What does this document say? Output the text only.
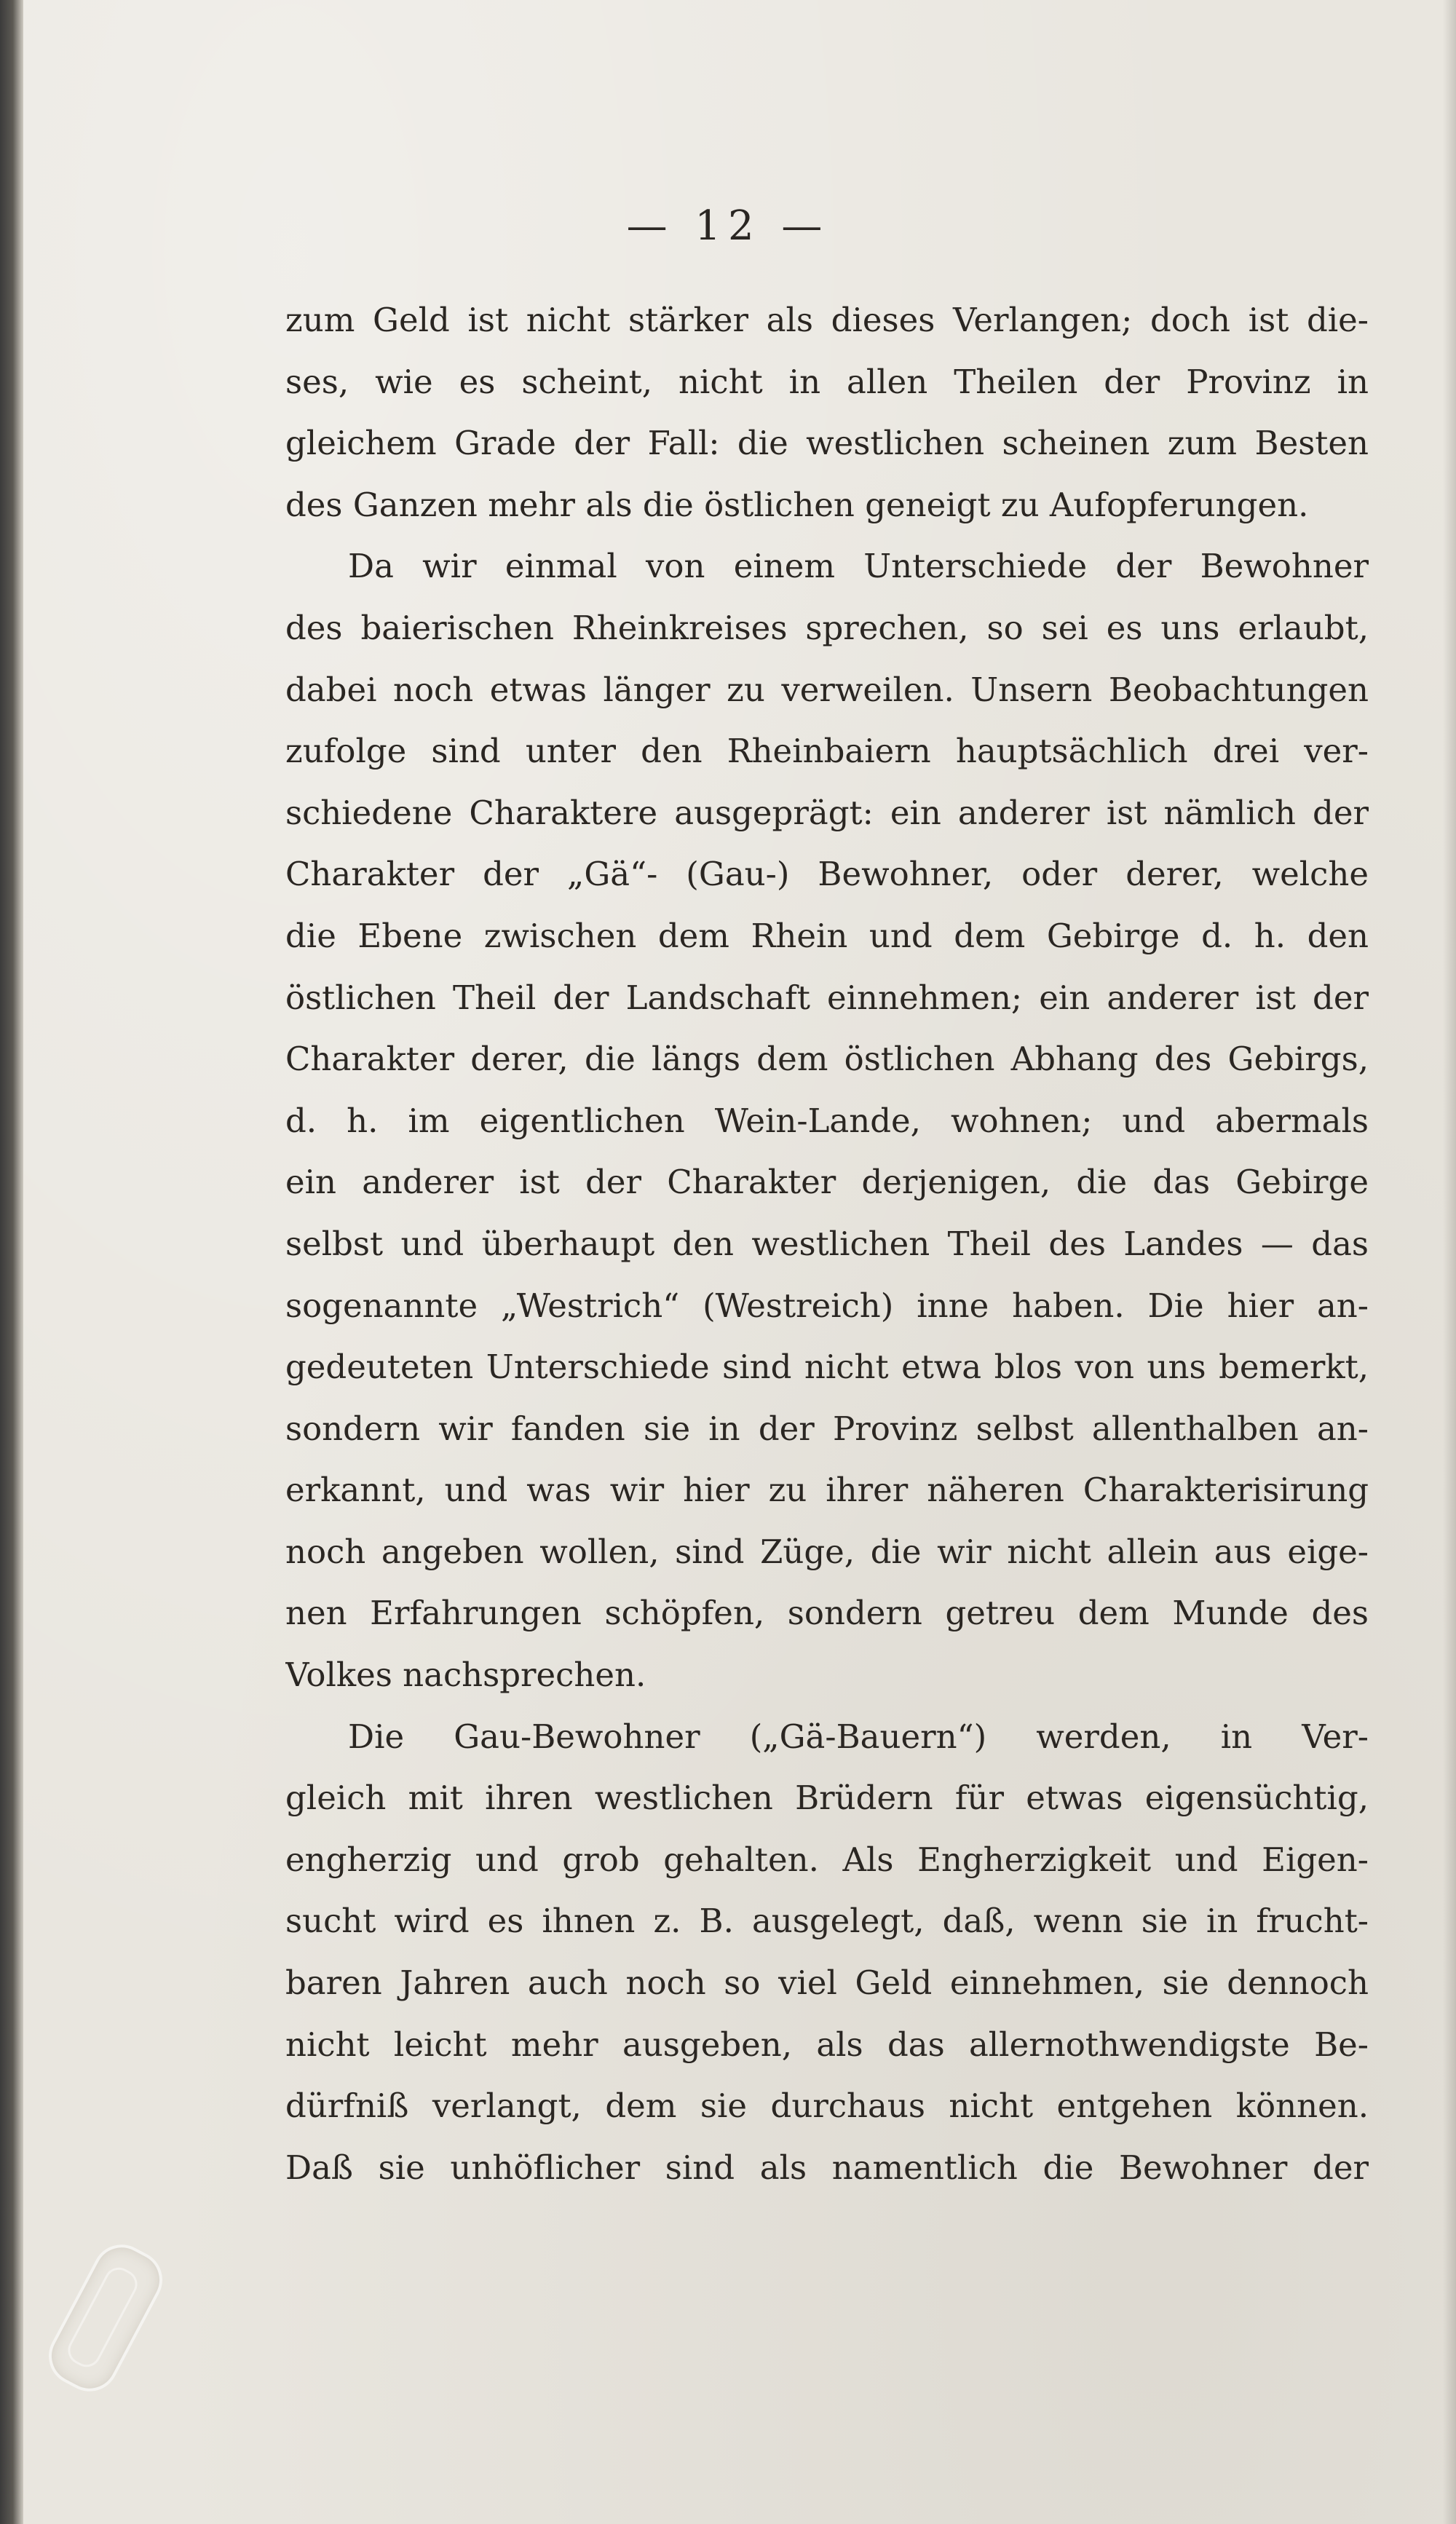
— 12 —
zum Geld ist nicht stärker als dieses Verlangen; doch ist die-
ses, wie es scheint, nicht in allen Theilen der Provinz in
gleichem Grade der Fall: die westlichen scheinen zum Besten
des Ganzen mehr als die östlichen geneigt zu Aufopferungen.
Da wir einmal von einem Unterschiede der Bewohner
des baierischen Rheinkreises sprechen, so sei es uns erlaubt,
dabei noch etwas länger zu verweilen. Unsern Beobachtungen
zufolge sind unter den Rheinbaiern hauptsächlich drei ver-
schiedene Charaktere ausgeprägt: ein anderer ist nämlich der
Charakter der „Gä“- (Gau-) Bewohner, oder derer, welche
die Ebene zwischen dem Rhein und dem Gebirge d. h. den
östlichen Theil der Landschaft einnehmen; ein anderer ist der
Charakter derer, die längs dem östlichen Abhang des Gebirgs,
d. h. im eigentlichen Wein-Lande, wohnen; und abermals
ein anderer ist der Charakter derjenigen, die das Gebirge
selbst und überhaupt den westlichen Theil des Landes — das
sogenannte „Westrich“ (Westreich) inne haben. Die hier an-
gedeuteten Unterschiede sind nicht etwa blos von uns bemerkt,
sondern wir fanden sie in der Provinz selbst allenthalben an-
erkannt, und was wir hier zu ihrer näheren Charakterisirung
noch angeben wollen, sind Züge, die wir nicht allein aus eige-
nen Erfahrungen schöpfen, sondern getreu dem Munde des
Volkes nachsprechen.
Die Gau-Bewohner („Gä-Bauern“) werden, in Ver-
gleich mit ihren westlichen Brüdern für etwas eigensüchtig,
engherzig und grob gehalten. Als Engherzigkeit und Eigen-
sucht wird es ihnen z. B. ausgelegt, daß, wenn sie in frucht-
baren Jahren auch noch so viel Geld einnehmen, sie dennoch
nicht leicht mehr ausgeben, als das allernothwendigste Be-
dürfniß verlangt, dem sie durchaus nicht entgehen können.
Daß sie unhöflicher sind als namentlich die Bewohner der
